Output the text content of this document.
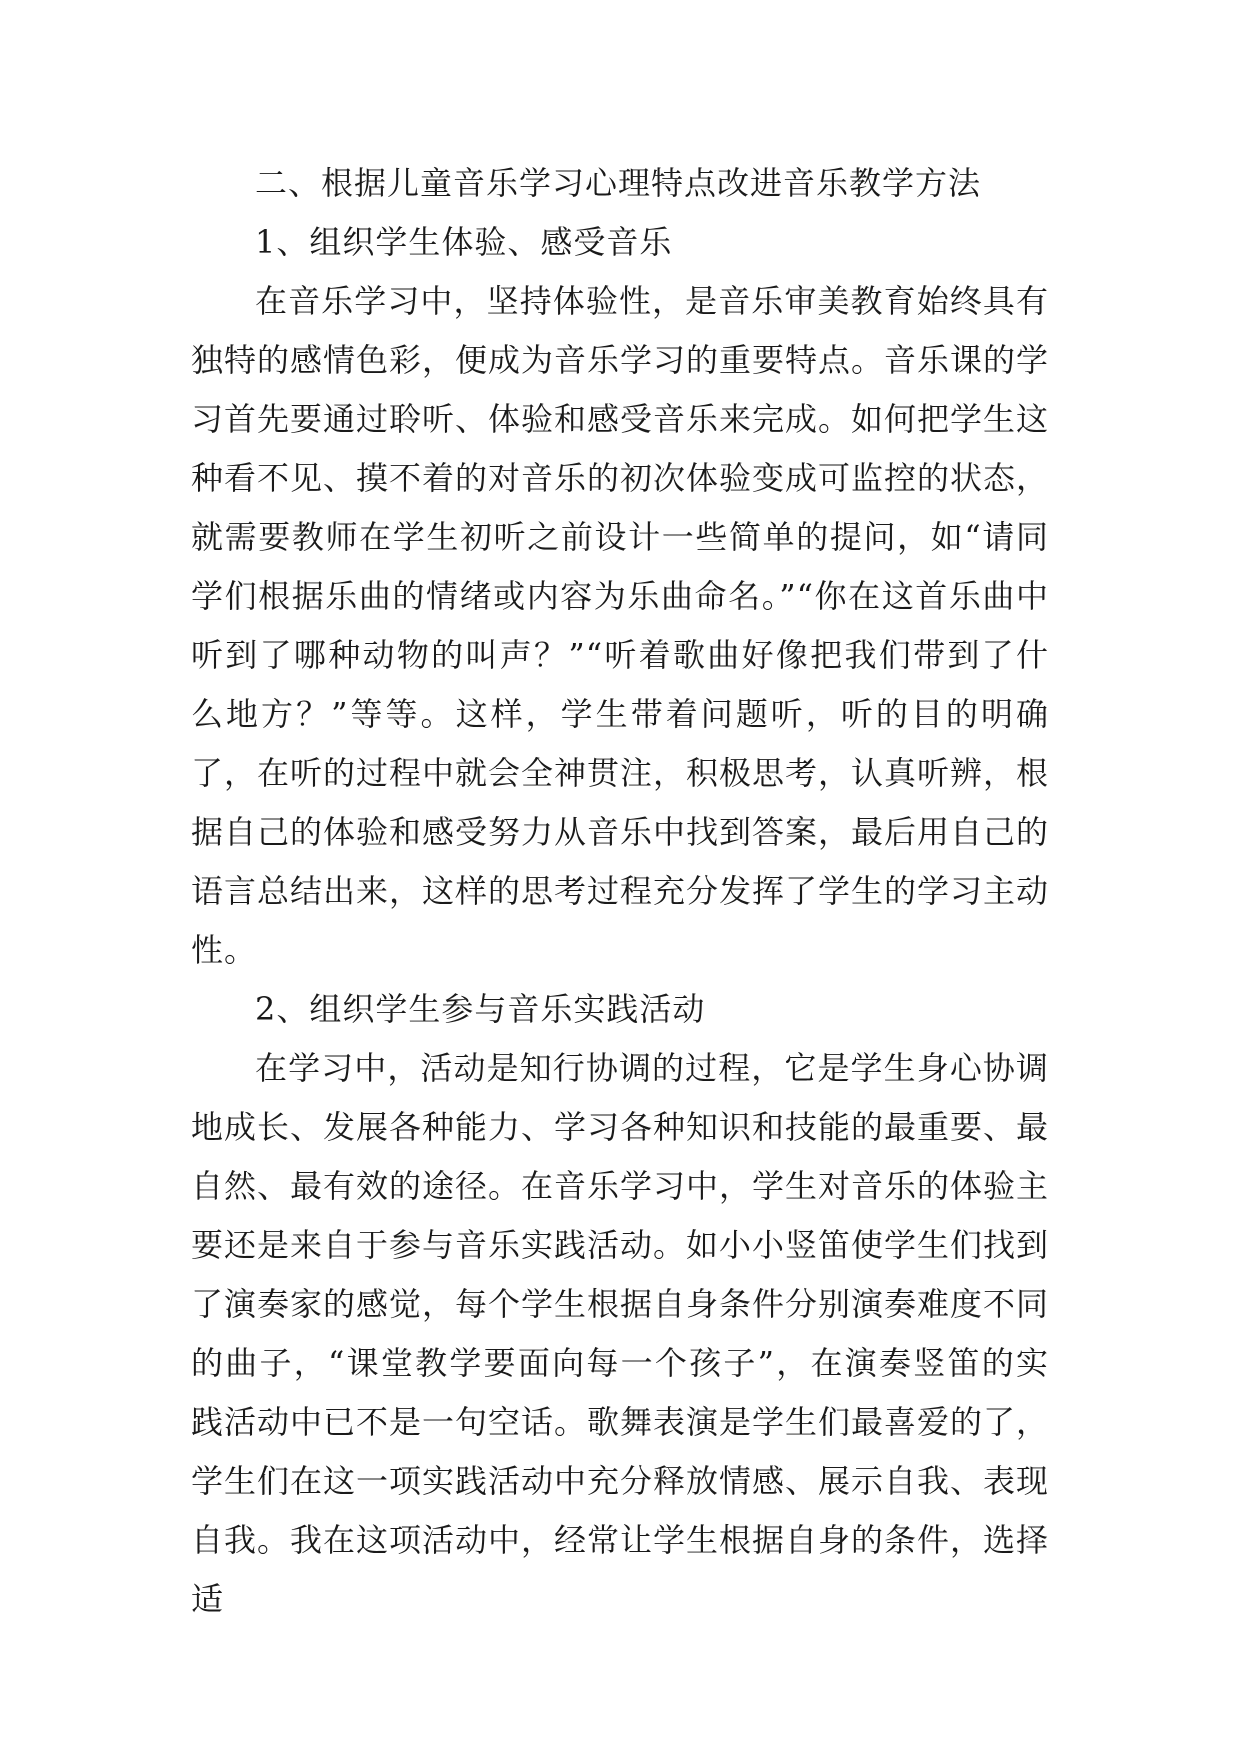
二、根据儿童音乐学习心理特点改进音乐教学方法

1、组织学生体验、感受音乐

在音乐学习中，坚持体验性，是音乐审美教育始终具有独特的感情色彩，便成为音乐学习的重要特点。音乐课的学习首先要通过聆听、体验和感受音乐来完成。如何把学生这种看不见、摸不着的对音乐的初次体验变成可监控的状态，就需要教师在学生初听之前设计一些简单的提问，如“请同学们根据乐曲的情绪或内容为乐曲命名。”“你在这首乐曲中听到了哪种动物的叫声？”“听着歌曲好像把我们带到了什么地方？”等等。这样，学生带着问题听，听的目的明确了，在听的过程中就会全神贯注，积极思考，认真听辨，根据自己的体验和感受努力从音乐中找到答案，最后用自己的语言总结出来，这样的思考过程充分发挥了学生的学习主动性。

2、组织学生参与音乐实践活动

在学习中，活动是知行协调的过程，它是学生身心协调地成长、发展各种能力、学习各种知识和技能的最重要、最自然、最有效的途径。在音乐学习中，学生对音乐的体验主要还是来自于参与音乐实践活动。如小小竖笛使学生们找到了演奏家的感觉，每个学生根据自身条件分别演奏难度不同的曲子，“课堂教学要面向每一个孩子”，在演奏竖笛的实践活动中已不是一句空话。歌舞表演是学生们最喜爱的了，学生们在这一项实践活动中充分释放情感、展示自我、表现自我。我在这项活动中，经常让学生根据自身的条件，选择适
